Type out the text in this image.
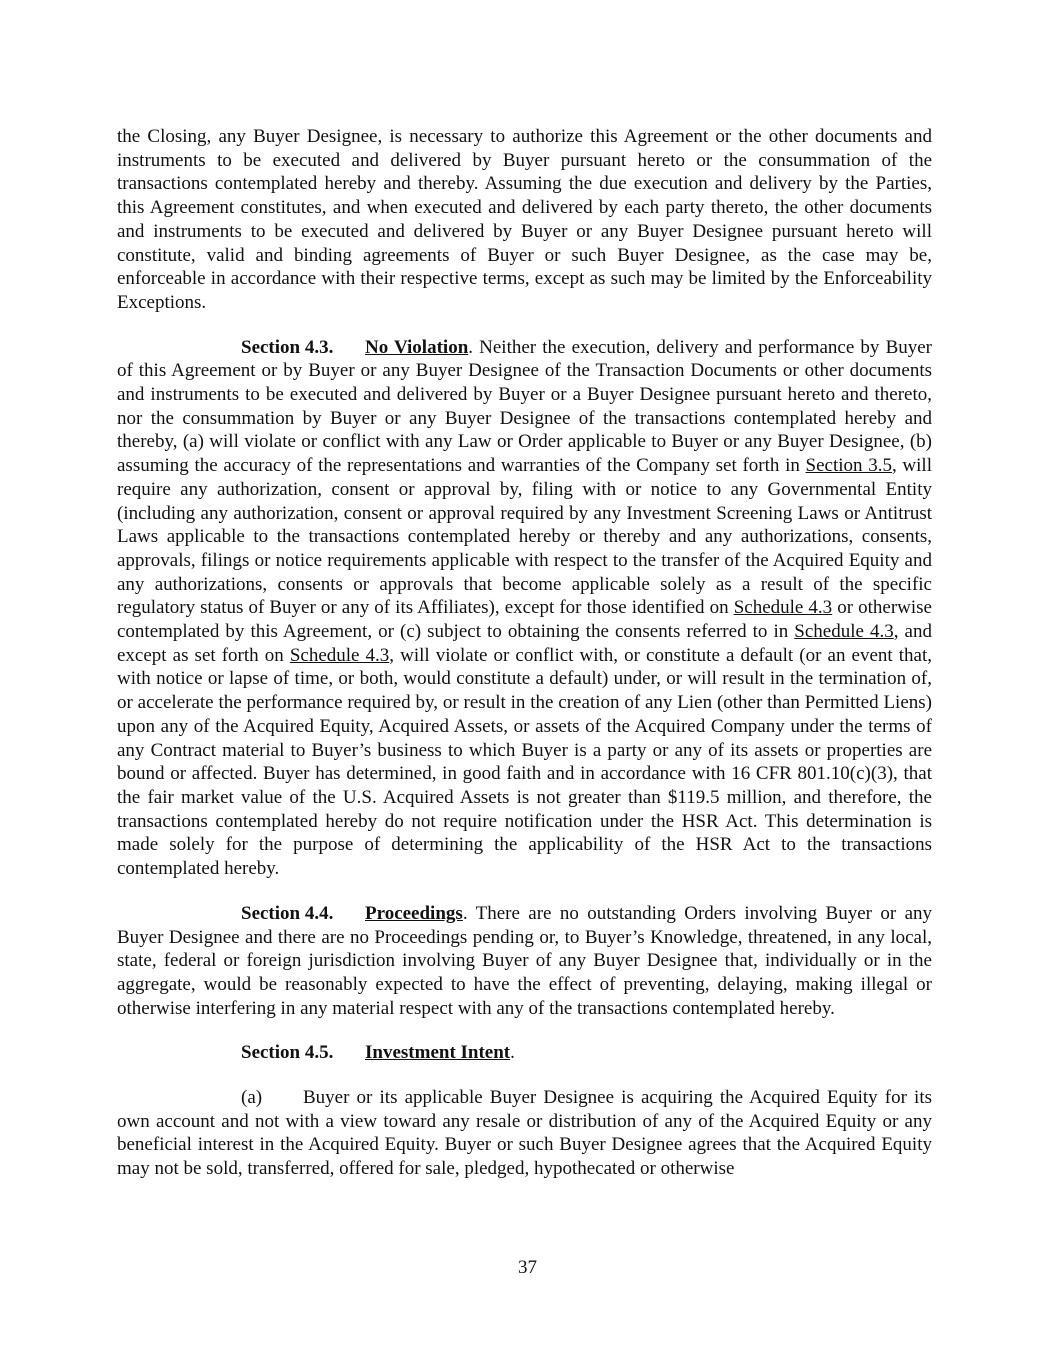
the Closing, any Buyer Designee, is necessary to authorize this Agreement or the other documents and instruments to be executed and delivered by Buyer pursuant hereto or the consummation of the transactions contemplated hereby and thereby. Assuming the due execution and delivery by the Parties, this Agreement constitutes, and when executed and delivered by each party thereto, the other documents and instruments to be executed and delivered by Buyer or any Buyer Designee pursuant hereto will constitute, valid and binding agreements of Buyer or such Buyer Designee, as the case may be, enforceable in accordance with their respective terms, except as such may be limited by the Enforceability Exceptions.

Section 4.3. No Violation. Neither the execution, delivery and performance by Buyer of this Agreement or by Buyer or any Buyer Designee of the Transaction Documents or other documents and instruments to be executed and delivered by Buyer or a Buyer Designee pursuant hereto and thereto, nor the consummation by Buyer or any Buyer Designee of the transactions contemplated hereby and thereby, (a) will violate or conflict with any Law or Order applicable to Buyer or any Buyer Designee, (b) assuming the accuracy of the representations and warranties of the Company set forth in Section 3.5, will require any authorization, consent or approval by, filing with or notice to any Governmental Entity (including any authorization, consent or approval required by any Investment Screening Laws or Antitrust Laws applicable to the transactions contemplated hereby or thereby and any authorizations, consents, approvals, filings or notice requirements applicable with respect to the transfer of the Acquired Equity and any authorizations, consents or approvals that become applicable solely as a result of the specific regulatory status of Buyer or any of its Affiliates), except for those identified on Schedule 4.3 or otherwise contemplated by this Agreement, or (c) subject to obtaining the consents referred to in Schedule 4.3, and except as set forth on Schedule 4.3, will violate or conflict with, or constitute a default (or an event that, with notice or lapse of time, or both, would constitute a default) under, or will result in the termination of, or accelerate the performance required by, or result in the creation of any Lien (other than Permitted Liens) upon any of the Acquired Equity, Acquired Assets, or assets of the Acquired Company under the terms of any Contract material to Buyer’s business to which Buyer is a party or any of its assets or properties are bound or affected. Buyer has determined, in good faith and in accordance with 16 CFR 801.10(c)(3), that the fair market value of the U.S. Acquired Assets is not greater than $119.5 million, and therefore, the transactions contemplated hereby do not require notification under the HSR Act. This determination is made solely for the purpose of determining the applicability of the HSR Act to the transactions contemplated hereby.

Section 4.4. Proceedings. There are no outstanding Orders involving Buyer or any Buyer Designee and there are no Proceedings pending or, to Buyer’s Knowledge, threatened, in any local, state, federal or foreign jurisdiction involving Buyer of any Buyer Designee that, individually or in the aggregate, would be reasonably expected to have the effect of preventing, delaying, making illegal or otherwise interfering in any material respect with any of the transactions contemplated hereby.

Section 4.5. Investment Intent.

(a) Buyer or its applicable Buyer Designee is acquiring the Acquired Equity for its own account and not with a view toward any resale or distribution of any of the Acquired Equity or any beneficial interest in the Acquired Equity. Buyer or such Buyer Designee agrees that the Acquired Equity may not be sold, transferred, offered for sale, pledged, hypothecated or otherwise

37
